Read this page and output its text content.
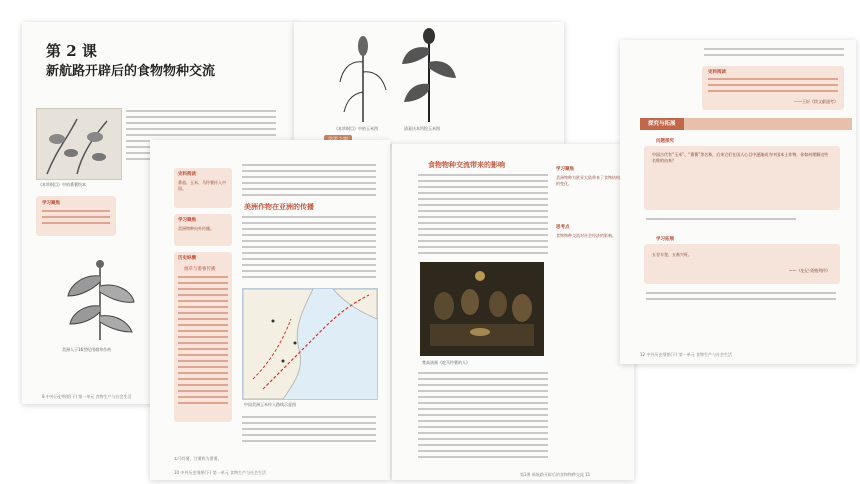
第 2 课
新航路开辟后的食物物种交流
《本草纲目》中的番薯绘本
学习聚焦
美洲人于16世纪用烟草作药
8 中外历史纲要(下) 第一单元 食物生产与社会生活
《本草纲目》中的玉米图	清嘉庆本所绘玉米图
史料阅读
番茄、玉米、马铃薯传入中国。
学习聚焦
美洲物种向外传播。
历史纵横
烟草与番薯传播
美洲作物在亚洲的传播
中国美洲玉米传入路线示意图
①马铃薯，甘薯称为番薯。
10 中外历史纲要(下) 第一单元 食物生产与社会生活
食物物种交流带来的影响
学习聚焦
美洲物种为欧亚大陆带来了食物结构的变化。
思考点
食物物种交流对社会经济的影响。
梵高油画《吃马铃薯的人》
第1课 新航路开辟后的食物物种交流 11
史料阅读
——王圻《续文献通考》
探究与拓展
问题探究
中国古代有“玉米”、“番薯”等名称，后来它们在国人心目中逐渐成为中国本土作物，你如何理解这些名称的由来？
学习拓展
五谷丰登，五畜兴旺。
——《史记·货殖列传》
12 中外历史纲要(下) 第一单元 食物生产与社会生活
